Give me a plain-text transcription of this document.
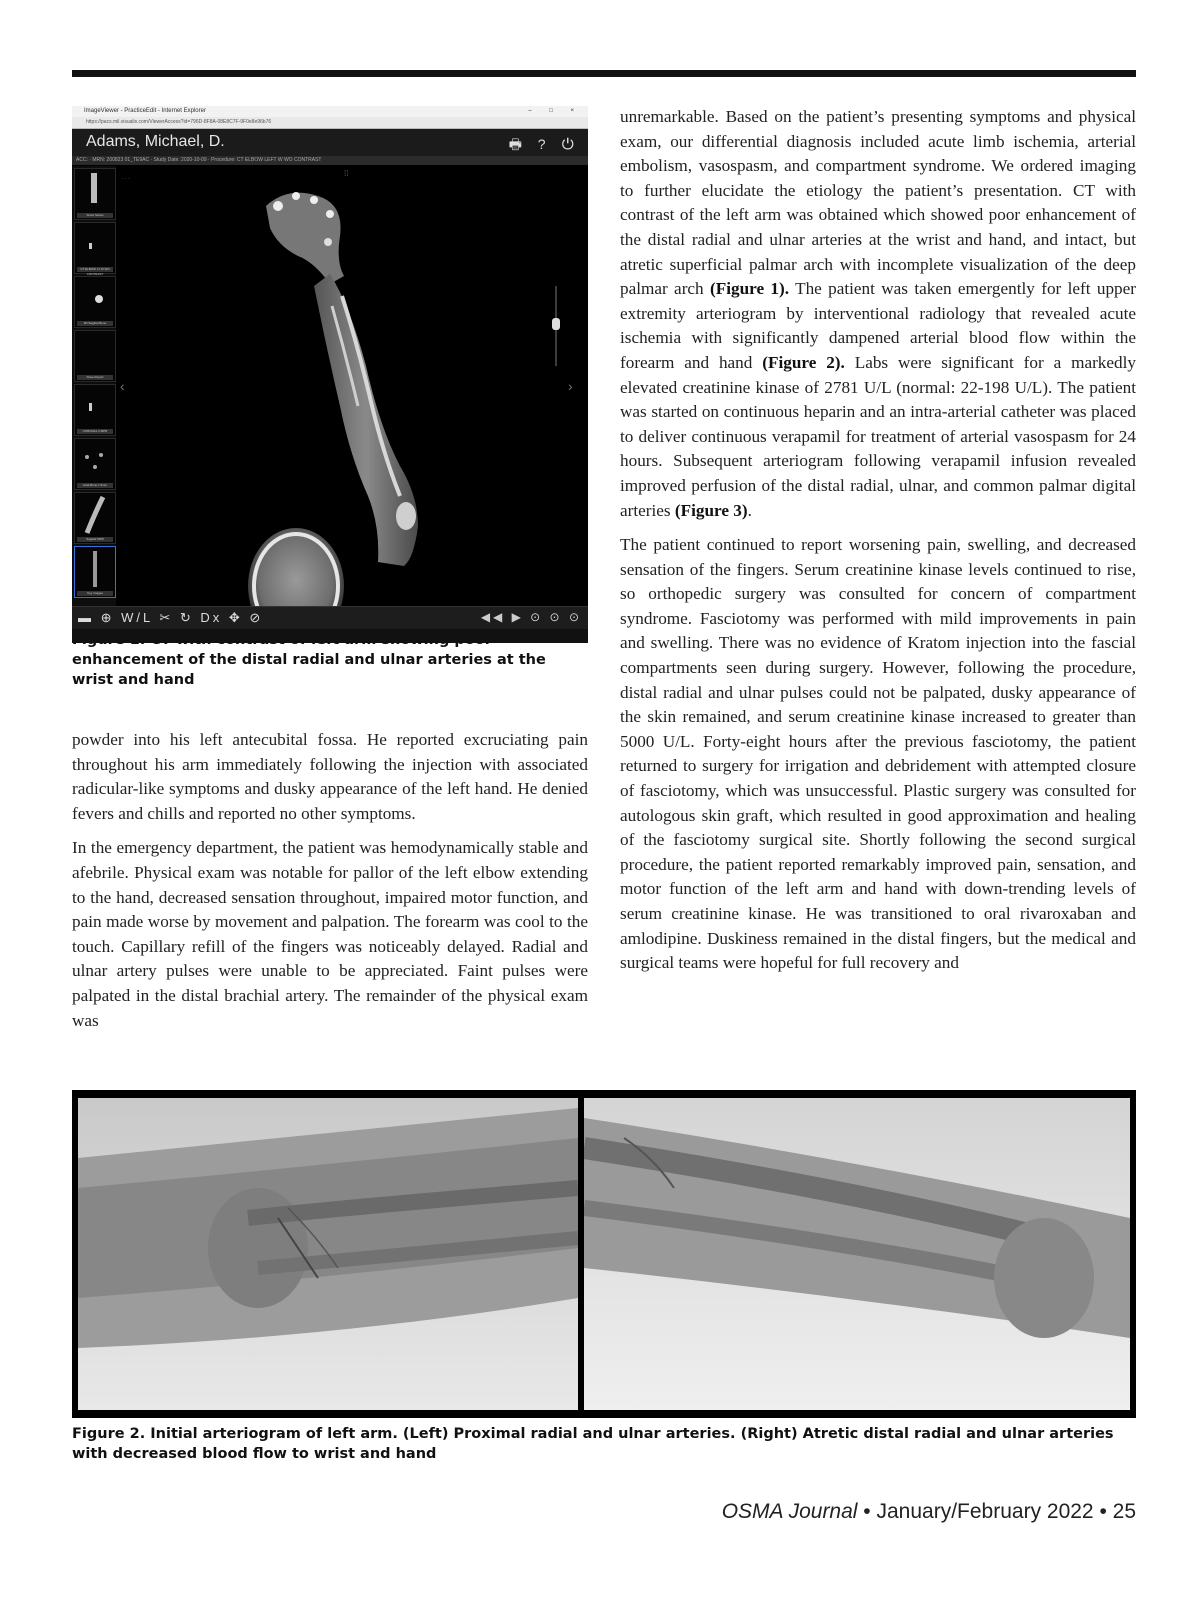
ImageViewer - PracticeEdit - Internet Explorer	– □ ×
https://pacs.mil.visualis.com/ViewerAccess?id=796D-8F8A-08E8C7F-9F0e8e96b76
Adams, Michael, D.	🖶 ? ⏻
ACC: · MRN: 200823 01_TE9AC · Study Date: 2020-10-09 · Procedure: CT ELBOW LEFT W WO CONTRAST
Scout Series
CT ELBOW LT W WO CONTRAST
3D Sagittal Bone
Dose Report
CORONAL 3 MPR
Axial Bone 1.5mm
Sagittal MPR
Key Images
· · ·
‹	›
⁞⁞
▬ ⊕ W/L ✂ ↻ Dx ✥ ⊘	◀◀ ▶ ⊙ ⊙ ⊙
Figure 1. CT with contrast of left arm showing poor enhancement of the distal radial and ulnar arteries at the wrist and hand

powder into his left antecubital fossa. He reported excruciating pain throughout his arm immediately following the injection with associated radicular-like symptoms and dusky appearance of the left hand. He denied fevers and chills and reported no other symptoms.

In the emergency department, the patient was hemodynamically stable and afebrile. Physical exam was notable for pallor of the left elbow extending to the hand, decreased sensation throughout, impaired motor function, and pain made worse by movement and palpation. The forearm was cool to the touch. Capillary refill of the fingers was noticeably delayed. Radial and ulnar artery pulses were unable to be appreciated. Faint pulses were palpated in the distal brachial artery. The remainder of the physical exam was

unremarkable. Based on the patient’s presenting symptoms and physical exam, our differential diagnosis included acute limb ischemia, arterial embolism, vasospasm, and compartment syndrome. We ordered imaging to further elucidate the etiology the patient’s presentation. CT with contrast of the left arm was obtained which showed poor enhancement of the distal radial and ulnar arteries at the wrist and hand, and intact, but atretic superficial palmar arch with incomplete visualization of the deep palmar arch (Figure 1). The patient was taken emergently for left upper extremity arteriogram by interventional radiology that revealed acute ischemia with significantly dampened arterial blood flow within the forearm and hand (Figure 2). Labs were significant for a markedly elevated creatinine kinase of 2781 U/L (normal: 22-198 U/L). The patient was started on continuous heparin and an intra-arterial catheter was placed to deliver continuous verapamil for treatment of arterial vasospasm for 24 hours. Subsequent arteriogram following verapamil infusion revealed improved perfusion of the distal radial, ulnar, and common palmar digital arteries (Figure 3).

The patient continued to report worsening pain, swelling, and decreased sensation of the fingers. Serum creatinine kinase levels continued to rise, so orthopedic surgery was consulted for concern of compartment syndrome. Fasciotomy was performed with mild improvements in pain and swelling. There was no evidence of Kratom injection into the fascial compartments seen during surgery. However, following the procedure, distal radial and ulnar pulses could not be palpated, dusky appearance of the skin remained, and serum creatinine kinase increased to greater than 5000 U/L. Forty-eight hours after the previous fasciotomy, the patient returned to surgery for irrigation and debridement with attempted closure of fasciotomy, which was unsuccessful. Plastic surgery was consulted for autologous skin graft, which resulted in good approximation and healing of the fasciotomy surgical site. Shortly following the second surgical procedure, the patient reported remarkably improved pain, sensation, and motor function of the left arm and hand with down-trending levels of serum creatinine kinase. He was transitioned to oral rivaroxaban and amlodipine. Duskiness remained in the distal fingers, but the medical and surgical teams were hopeful for full recovery and

Figure 2. Initial arteriogram of left arm. (Left) Proximal radial and ulnar arteries. (Right) Atretic distal radial and ulnar arteries with decreased blood flow to wrist and hand
OSMA Journal • January/February 2022 • 25
